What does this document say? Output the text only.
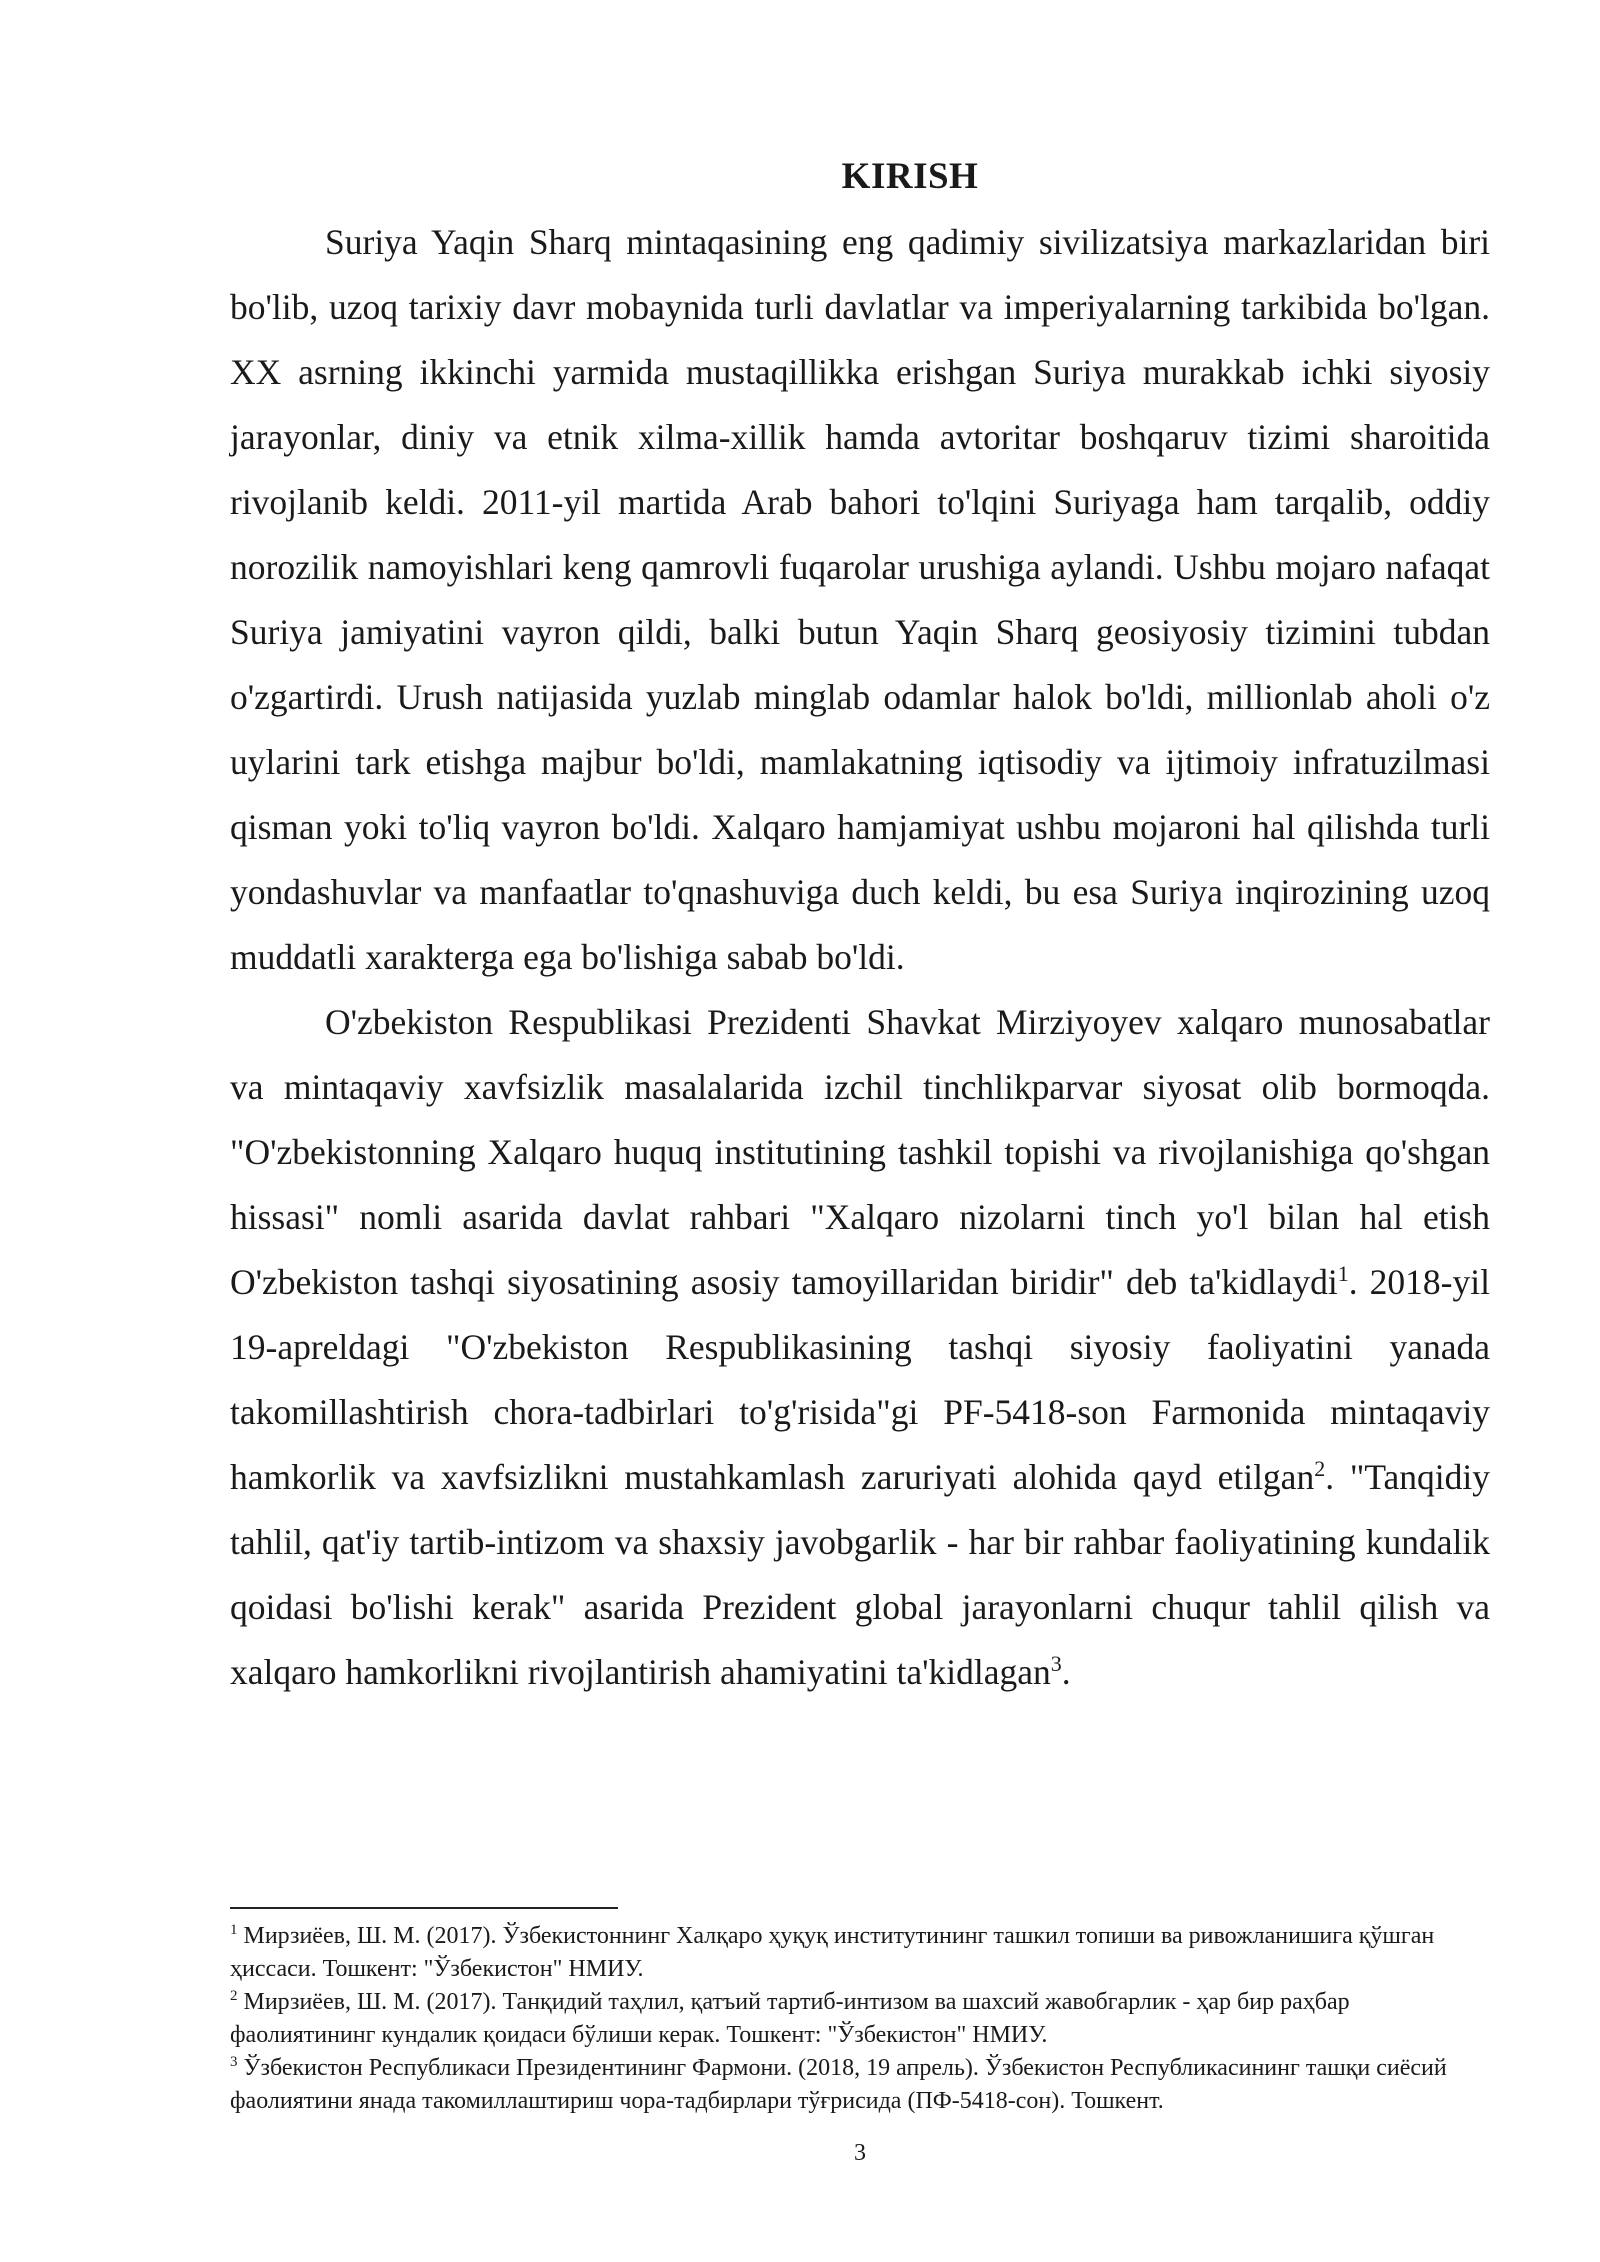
KIRISH

Suriya Yaqin Sharq mintaqasining eng qadimiy sivilizatsiya markazlaridan biri bo'lib, uzoq tarixiy davr mobaynida turli davlatlar va imperiyalarning tarkibida bo'lgan. XX asrning ikkinchi yarmida mustaqillikka erishgan Suriya murakkab ichki siyosiy jarayonlar, diniy va etnik xilma-xillik hamda avtoritar boshqaruv tizimi sharoitida rivojlanib keldi. 2011-yil martida Arab bahori to'lqini Suriyaga ham tarqalib, oddiy norozilik namoyishlari keng qamrovli fuqarolar urushiga aylandi. Ushbu mojaro nafaqat Suriya jamiyatini vayron qildi, balki butun Yaqin Sharq geosiyosiy tizimini tubdan o'zgartirdi. Urush natijasida yuzlab minglab odamlar halok bo'ldi, millionlab aholi o'z uylarini tark etishga majbur bo'ldi, mamlakatning iqtisodiy va ijtimoiy infratuzilmasi qisman yoki to'liq vayron bo'ldi. Xalqaro hamjamiyat ushbu mojaroni hal qilishda turli yondashuvlar va manfaatlar to'qnashuviga duch keldi, bu esa Suriya inqirozining uzoq muddatli xarakterga ega bo'lishiga sabab bo'ldi.

O'zbekiston Respublikasi Prezidenti Shavkat Mirziyoyev xalqaro munosabatlar va mintaqaviy xavfsizlik masalalarida izchil tinchlikparvar siyosat olib bormoqda. "O'zbekistonning Xalqaro huquq institutining tashkil topishi va rivojlanishiga qo'shgan hissasi" nomli asarida davlat rahbari "Xalqaro nizolarni tinch yo'l bilan hal etish O'zbekiston tashqi siyosatining asosiy tamoyillaridan biridir" deb ta'kidlaydi$^1$. 2018-yil 19-apreldagi "O'zbekiston Respublikasining tashqi siyosiy faoliyatini yanada takomillashtirish chora-tadbirlari to'g'risida"gi PF-5418-son Farmonida mintaqaviy hamkorlik va xavfsizlikni mustahkamlash zaruriyati alohida qayd etilgan$^2$. "Tanqidiy tahlil, qat'iy tartib-intizom va shaxsiy javobgarlik - har bir rahbar faoliyatining kundalik qoidasi bo'lishi kerak" asarida Prezident global jarayonlarni chuqur tahlil qilish va xalqaro hamkorlikni rivojlantirish ahamiyatini ta'kidlagan$^3$.

$^1$ Мирзиёев, Ш. М. (2017). Ўзбекистоннинг Халқаро ҳуқуқ институтининг ташкил топиши ва ривожланишига қўшган ҳиссаси. Тошкент: "Ўзбекистон" НМИУ.

$^2$ Мирзиёев, Ш. М. (2017). Танқидий таҳлил, қатъий тартиб-интизом ва шахсий жавобгарлик - ҳар бир раҳбар фаолиятининг кундалик қоидаси бўлиши керак. Тошкент: "Ўзбекистон" НМИУ.

$^3$ Ўзбекистон Республикаси Президентининг Фармони. (2018, 19 апрель). Ўзбекистон Республикасининг ташқи сиёсий фаолиятини янада такомиллаштириш чора-тадбирлари тўғрисида (ПФ-5418-сон). Тошкент.

3
